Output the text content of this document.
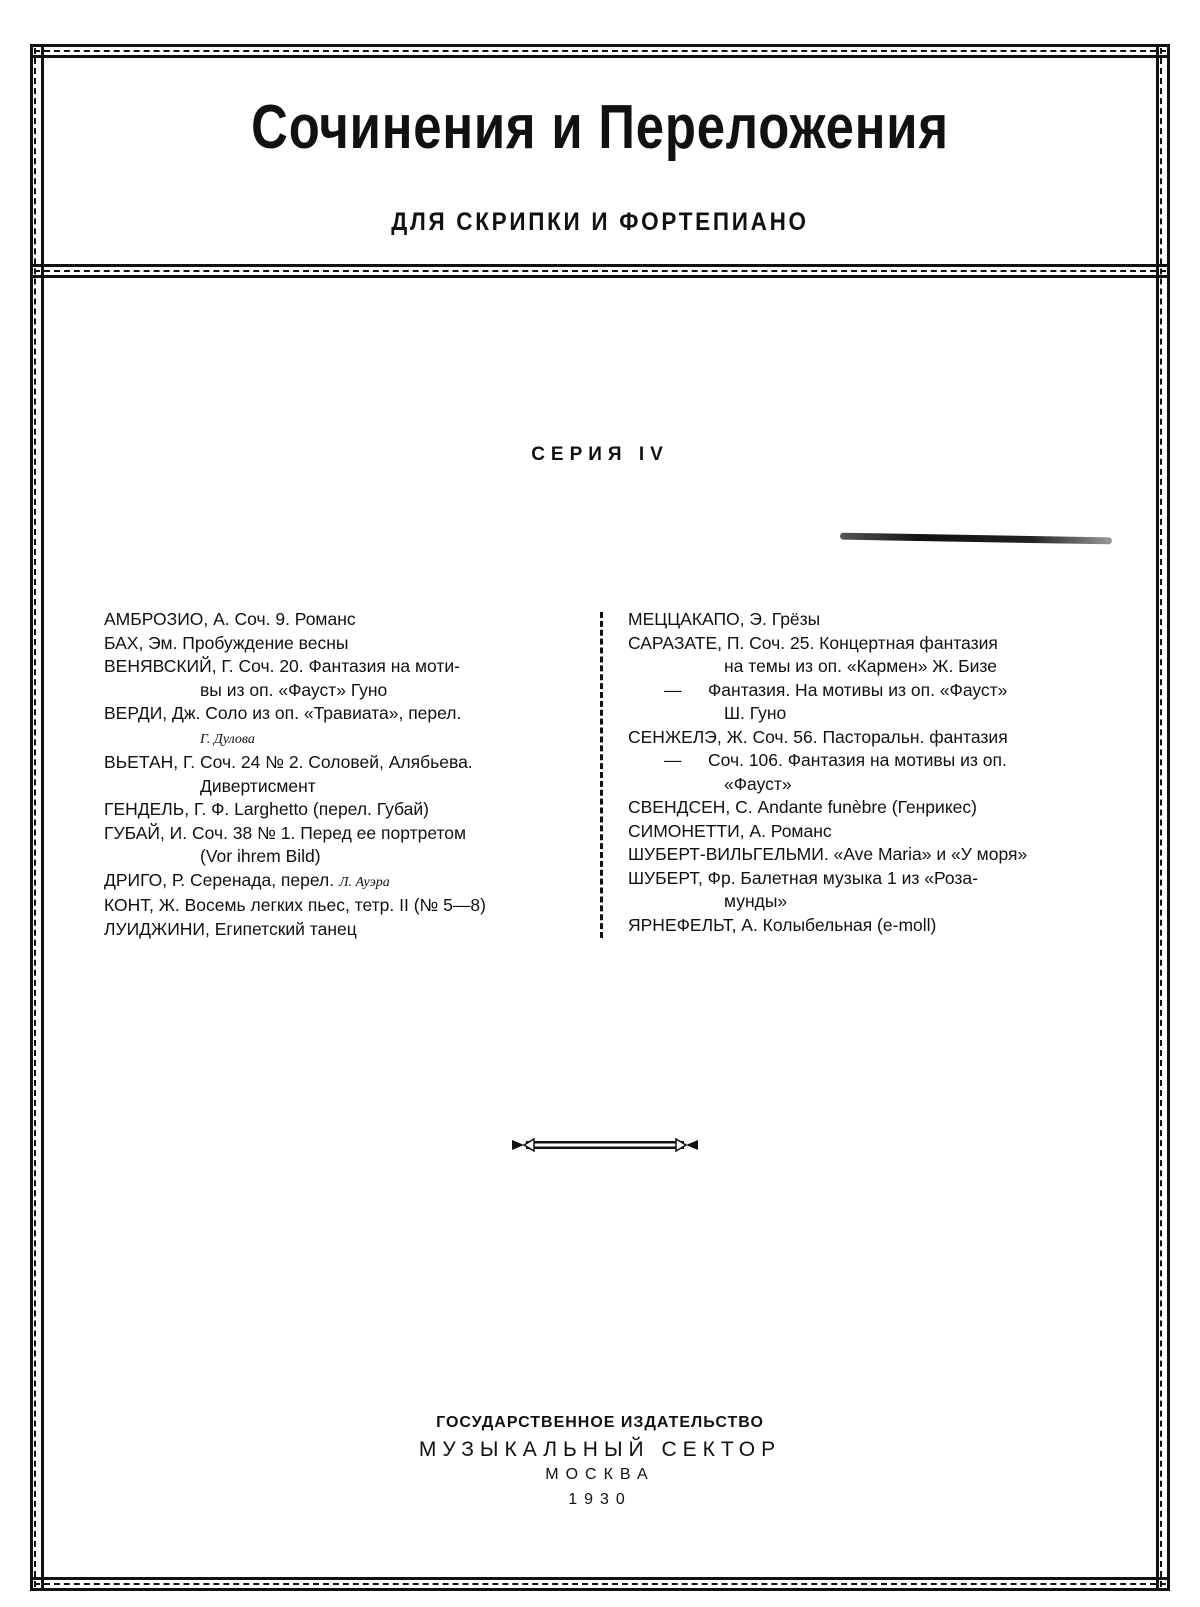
Сочинения и Переложения
ДЛЯ СКРИПКИ И ФОРТЕПИАНО
СЕРИЯ IV

АМБРОЗИО, А. Соч. 9. Романс

БАХ, Эм. Пробуждение весны

ВЕНЯВСКИЙ, Г. Соч. 20. Фантазия на моти-

вы из оп. «Фауст» Гуно

ВЕРДИ, Дж. Соло из оп. «Травиата», перел.

Г. Дулова

ВЬЕТАН, Г. Соч. 24 № 2. Соловей, Алябьева.

Дивертисмент

ГЕНДЕЛЬ, Г. Ф. Larghetto (перел. Губай)

ГУБАЙ, И. Соч. 38 № 1. Перед ее портретом

(Vor ihrem Bild)

ДРИГО, Р. Серенада, перел. Л. Ауэра

КОНТ, Ж. Восемь легких пьес, тетр. II (№ 5—8)

ЛУИДЖИНИ, Египетский танец

МЕЦЦАКАПО, Э. Грёзы

САРАЗАТЕ, П. Соч. 25. Концертная фантазия

на темы из оп. «Кармен» Ж. Бизе

— Фантазия. На мотивы из оп. «Фауст»

Ш. Гуно

СЕНЖЕЛЭ, Ж. Соч. 56. Пасторальн. фантазия

— Соч. 106. Фантазия на мотивы из оп.

«Фауст»

СВЕНДСЕН, С. Andante funèbre (Генрикес)

СИМОНЕТТИ, А. Романс

ШУБЕРТ-ВИЛЬГЕЛЬМИ. «Ave Maria» и «У моря»

ШУБЕРТ, Фр. Балетная музыка 1 из «Роза-

мунды»

ЯРНЕФЕЛЬТ, А. Колыбельная (e-moll)

ГОСУДАРСТВЕННОЕ ИЗДАТЕЛЬСТВО
МУЗЫКАЛЬНЫЙ СЕКТОР
МОСКВА
1930
